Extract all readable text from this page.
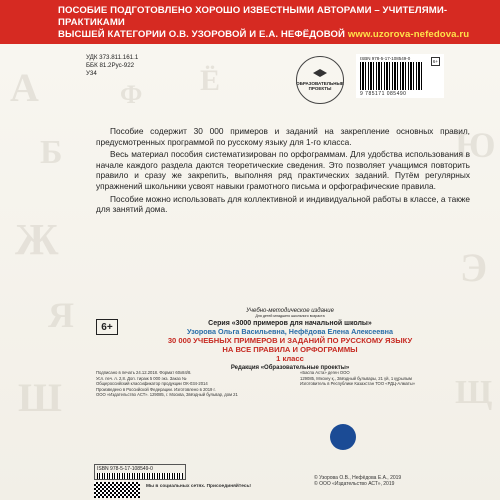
ПОСОБИЕ ПОДГОТОВЛЕНО ХОРОШО ИЗВЕСТНЫМИ АВТОРАМИ – УЧИТЕЛЯМИ-ПРАКТИКАМИ
ВЫСШЕЙ КАТЕГОРИИ О.В. УЗОРОВОЙ И Е.А. НЕФЁДОВОЙ www.uzorova-nefedova.ru
А
Б
Ж
Я
Ш
Ю
Э
Щ
Ё
Ф
УДК 373.811.161.1
ББК 81.2Рус-922
У34
ОБРАЗОВАТЕЛЬНЫЕ ПРОЕКТЫ
ISBN 978-5-17-108549-0
9 785171 085490
6+

Пособие содержит 30 000 примеров и заданий на закрепление основных правил, предусмотренных программой по русскому языку для 1-го класса.

Весь материал пособия систематизирован по орфограммам. Для удобства использования в начале каждого раздела даются теоретические сведения. Это позволяет учащимся повторить правило и сразу же закрепить, выполняя ряд практических заданий. Путём регулярных упражнений школьники усвоят навыки грамотного письма и орфографические правила.

Пособие можно использовать для коллективной и индивидуальной работы в классе, а также для занятий дома.

6+
Учебно-методическое издание
Для детей младшего школьного возраста
Серия «3000 примеров для начальной школы»
Узорова Ольга Васильевна, Нефёдова Елена Алексеевна
30 000 УЧЕБНЫХ ПРИМЕРОВ И ЗАДАНИЙ ПО РУССКОМУ ЯЗЫКУ
НА ВСЕ ПРАВИЛА И ОРФОГРАММЫ
1 класс
Редакция «Образовательные проекты»
Подписано в печать 24.12.2018. Формат 60х84/8.
Усл. печ. л. 2,8. Доп. тираж 5 000 экз. Заказ №
Общероссийский классификатор продукции ОК-034-2014
Произведено в Российской Федерации. Изготовлено в 2019 г.
ООО «Издательство АСТ». 129085, г. Москва, Звёздный бульвар, дом 21
«Баспа Аста» деген ООО
129085, Мәскеу қ., Звёздный бульвары, 21 үй, 1 құрылым
Изготовитель в Республике Казахстан ТОО «РДЦ-Алматы»
© Узорова О.В., Нефёдова Е.А., 2019
© ООО «Издательство АСТ», 2019
ISBN 978-5-17-108549-0
Мы в социальных сетях. Присоединяйтесь!
